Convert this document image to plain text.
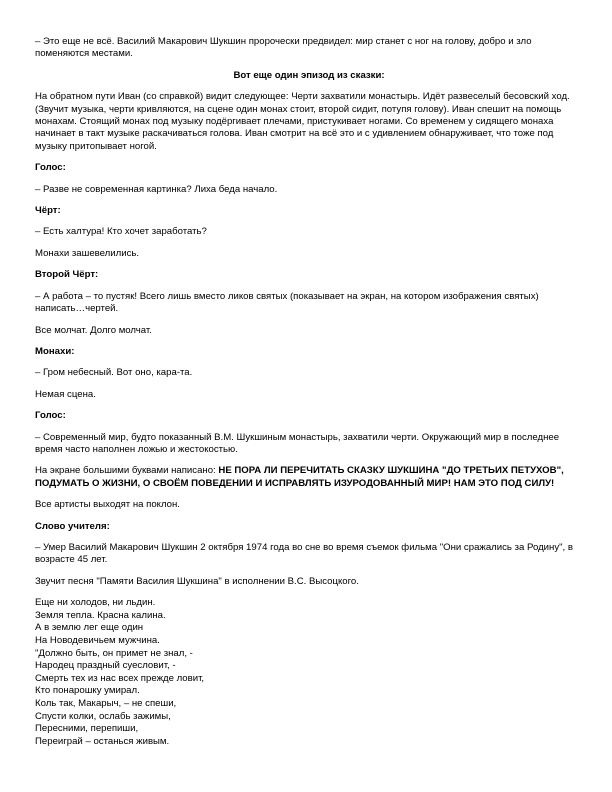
– Это еще не всё. Василий Макарович Шукшин пророчески предвидел: мир станет с ног на голову, добро и зло поменяются местами.

Вот еще один эпизод из сказки:

На обратном пути Иван (со справкой) видит следующее: Черти захватили монастырь. Идёт развеселый бесовский ход. (Звучит музыка, черти кривляются, на сцене один монах стоит, второй сидит, потупя голову). Иван спешит на помощь монахам. Стоящий монах под музыку подёргивает плечами, пристукивает ногами. Со временем у сидящего монаха начинает в такт музыке раскачиваться голова. Иван смотрит на всё это и с удивлением обнаруживает, что тоже под музыку притопывает ногой.

Голос:

– Разве не современная картинка? Лиха беда начало.

Чёрт:

– Есть халтура! Кто хочет заработать?

Монахи зашевелились.

Второй Чёрт:

– А работа – то пустяк! Всего лишь вместо ликов святых (показывает на экран, на котором изображения святых) написать…чертей.

Все молчат. Долго молчат.

Монахи:

– Гром небесный. Вот оно, кара-та.

Немая сцена.

Голос:

– Современный мир, будто показанный В.М. Шукшиным монастырь, захватили черти. Окружающий мир в последнее время часто наполнен ложью и жестокостью.

На экране большими буквами написано: НЕ ПОРА ЛИ ПЕРЕЧИТАТЬ СКАЗКУ ШУКШИНА "ДО ТРЕТЬИХ ПЕТУХОВ", ПОДУМАТЬ О ЖИЗНИ, О СВОЁМ ПОВЕДЕНИИ И ИСПРАВЛЯТЬ ИЗУРОДОВАННЫЙ МИР! НАМ ЭТО ПОД СИЛУ!

Все артисты выходят на поклон.

Слово учителя:

– Умер Василий Макарович Шукшин 2 октября 1974 года во сне во время съемок фильма "Они сражались за Родину", в возрасте 45 лет.

Звучит песня "Памяти Василия Шукшина" в исполнении В.С. Высоцкого.

Еще ни холодов, ни льдин.
Земля тепла. Красна калина.
А в землю лег еще один
На Новодевичьем мужчина.
"Должно быть, он примет не знал, -
Народец праздный суесловит, -
Смерть тех из нас всех прежде ловит,
Кто понарошку умирал.
Коль так, Макарыч, – не спеши,
Спусти колки, ослабь зажимы,
Пересними, перепиши,
Переиграй – останься живым.
